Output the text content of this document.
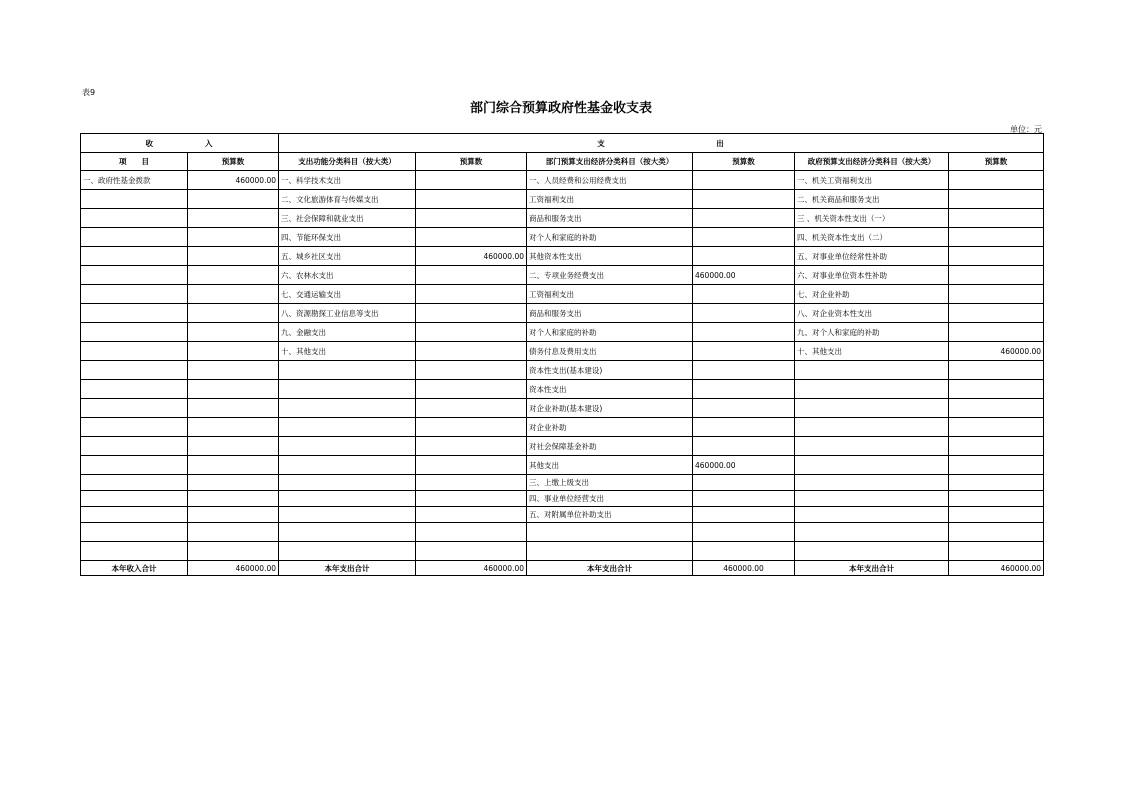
表9
部门综合预算政府性基金收支表
单位：元
收　　　　　　入		支　　　　　　　　　　　　　出					
项　　目	预算数	支出功能分类科目（按大类）	预算数	部门预算支出经济分类科目（按大类）	预算数	政府预算支出经济分类科目（按大类）	预算数
一、政府性基金拨款	460000.00	一、科学技术支出		一、人员经费和公用经费支出		一、机关工资福利支出	
		二、文化旅游体育与传媒支出		工资福利支出		二、机关商品和服务支出	
		三、社会保障和就业支出		商品和服务支出		三 、机关资本性支出（一）	
		四、节能环保支出		对个人和家庭的补助		四、机关资本性支出（二）	
		五、城乡社区支出	460000.00	其他资本性支出		五、对事业单位经常性补助	
		六、农林水支出		二、专项业务经费支出	460000.00	六、对事业单位资本性补助	
		七、交通运输支出		工资福利支出		七、对企业补助	
		八、资源勘探工业信息等支出		商品和服务支出		八、对企业资本性支出	
		九、金融支出		对个人和家庭的补助		九、对个人和家庭的补助	
		十、其他支出		债务付息及费用支出		十、其他支出	460000.00
				资本性支出(基本建设)			
				资本性支出			
				对企业补助(基本建设)			
				对企业补助			
				对社会保障基金补助			
				其他支出	460000.00		
				三、上缴上级支出			
				四、事业单位经营支出			
				五、对附属单位补助支出			

本年收入合计	460000.00	本年支出合计	460000.00	本年支出合计	460000.00	本年支出合计	460000.00
